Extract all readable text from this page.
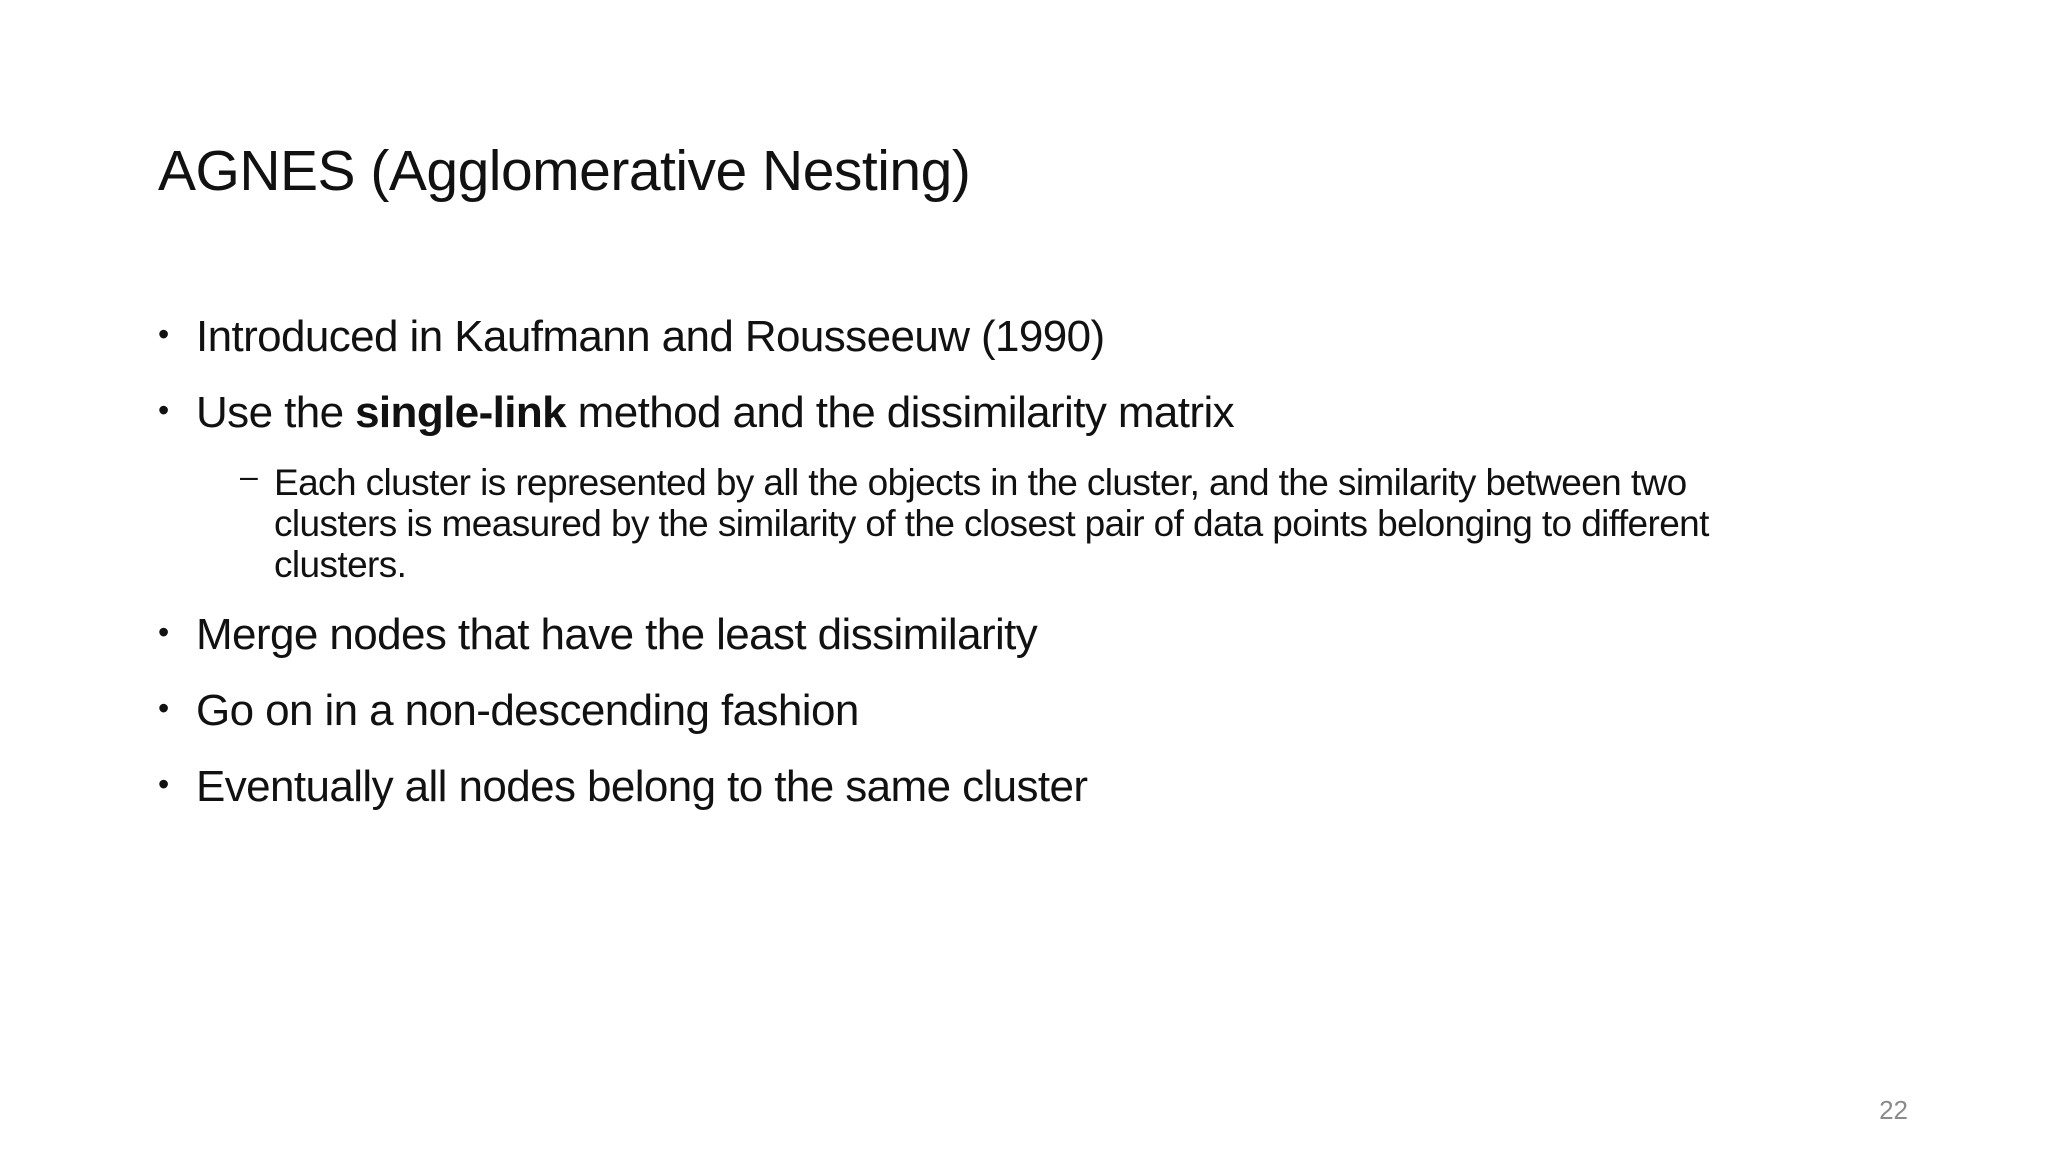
AGNES (Agglomerative Nesting)
• Introduced in Kaufmann and Rousseeuw (1990)
• Use the single-link method and the dissimilarity matrix
– Each cluster is represented by all the objects in the cluster, and the similarity between two
clusters is measured by the similarity of the closest pair of data points belonging to different
clusters.
• Merge nodes that have the least dissimilarity
• Go on in a non-descending fashion
• Eventually all nodes belong to the same cluster
22
